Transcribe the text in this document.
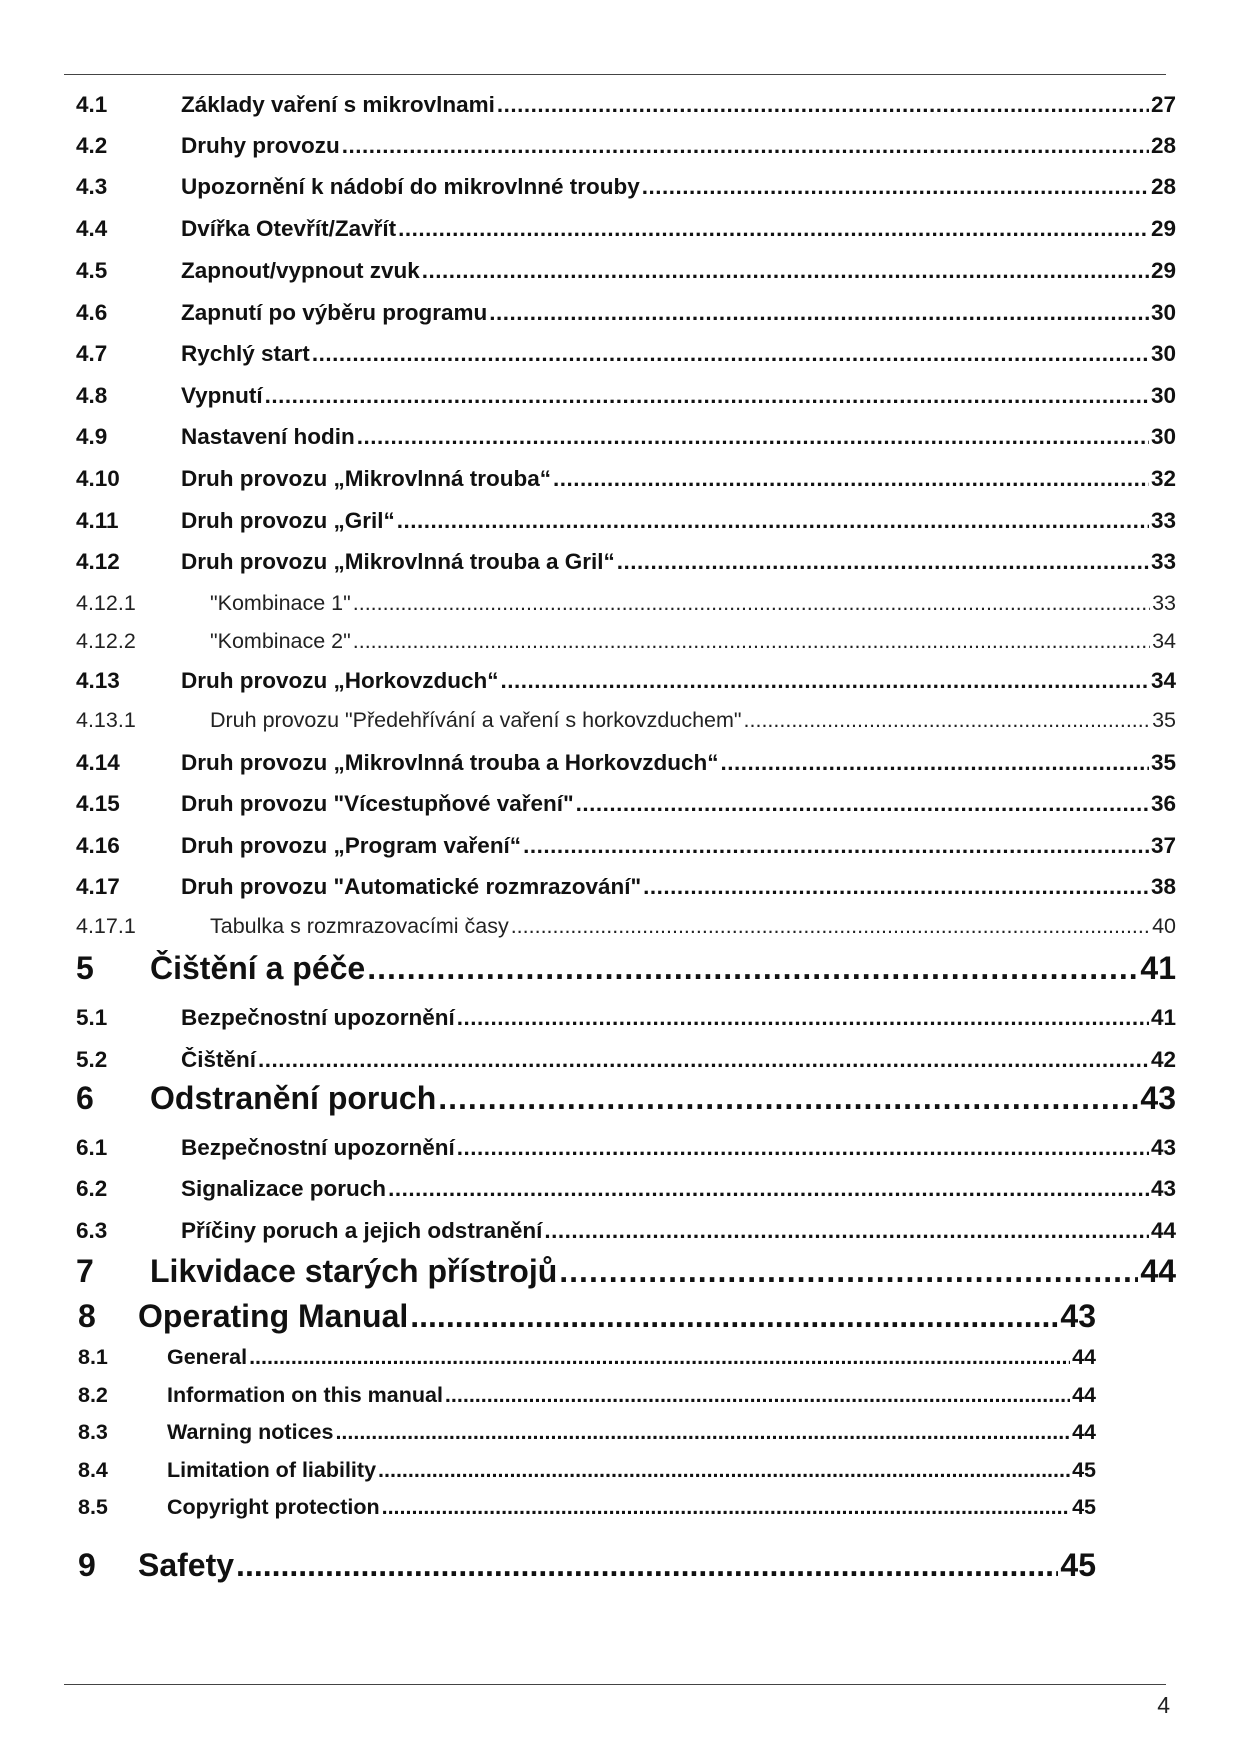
4.1	Základy vaření s mikrovlnami .....	27
4.2	Druhy provozu .....	28
4.3	Upozornění k nádobí do mikrovlnné trouby .....	28
4.4	Dvířka Otevřít/Zavřít .....	29
4.5	Zapnout/vypnout zvuk .....	29
4.6	Zapnutí po výběru programu .....	30
4.7	Rychlý start .....	30
4.8	Vypnutí .....	30
4.9	Nastavení hodin .....	30
4.10	Druh provozu „Mikrovlnná trouba“ .....	32
4.11	Druh provozu „Gril“ .....	33
4.12	Druh provozu „Mikrovlnná trouba a Gril“ .....	33
4.12.1	"Kombinace 1" .....	33
4.12.2	"Kombinace 2" .....	34
4.13	Druh provozu „Horkovzduch“ .....	34
4.13.1	Druh provozu "Předehřívání a vaření s horkovzduchem" .....	35
4.14	Druh provozu „Mikrovlnná trouba a Horkovzduch“ .....	35
4.15	Druh provozu "Vícestupňové vaření" .....	36
4.16	Druh provozu „Program vaření“ .....	37
4.17	Druh provozu "Automatické rozmrazování" .....	38
4.17.1	Tabulka s rozmrazovacími časy .....	40
5	Čištění a péče .....	41
5.1	Bezpečnostní upozornění .....	41
5.2	Čištění .....	42
6	Odstranění poruch .....	43
6.1	Bezpečnostní upozornění .....	43
6.2	Signalizace poruch .....	43
6.3	Příčiny poruch a jejich odstranění .....	44
7	Likvidace starých přístrojů .....	44
8	Operating Manual .....	43
8.1	General .....	44
8.2	Information on this manual .....	44
8.3	Warning notices .....	44
8.4	Limitation of liability .....	45
8.5	Copyright protection .....	45
9	Safety .....	45
4
